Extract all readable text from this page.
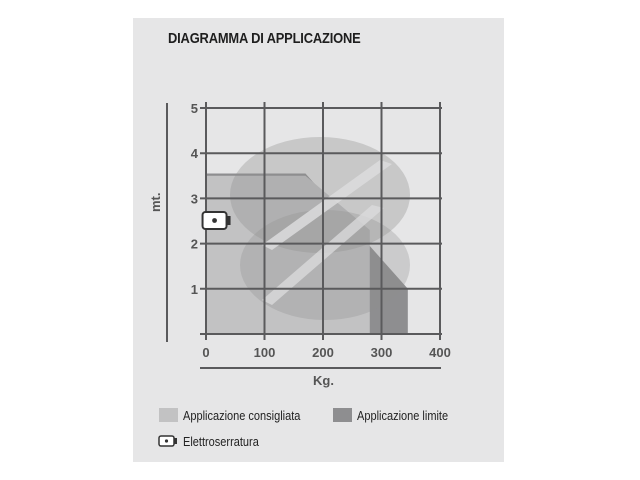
DIAGRAMMA DI APPLICAZIONE
1
2
3
4
5
0	100	200	300	400
mt.
Kg.
Applicazione consigliata	Applicazione limite
Elettroserratura
